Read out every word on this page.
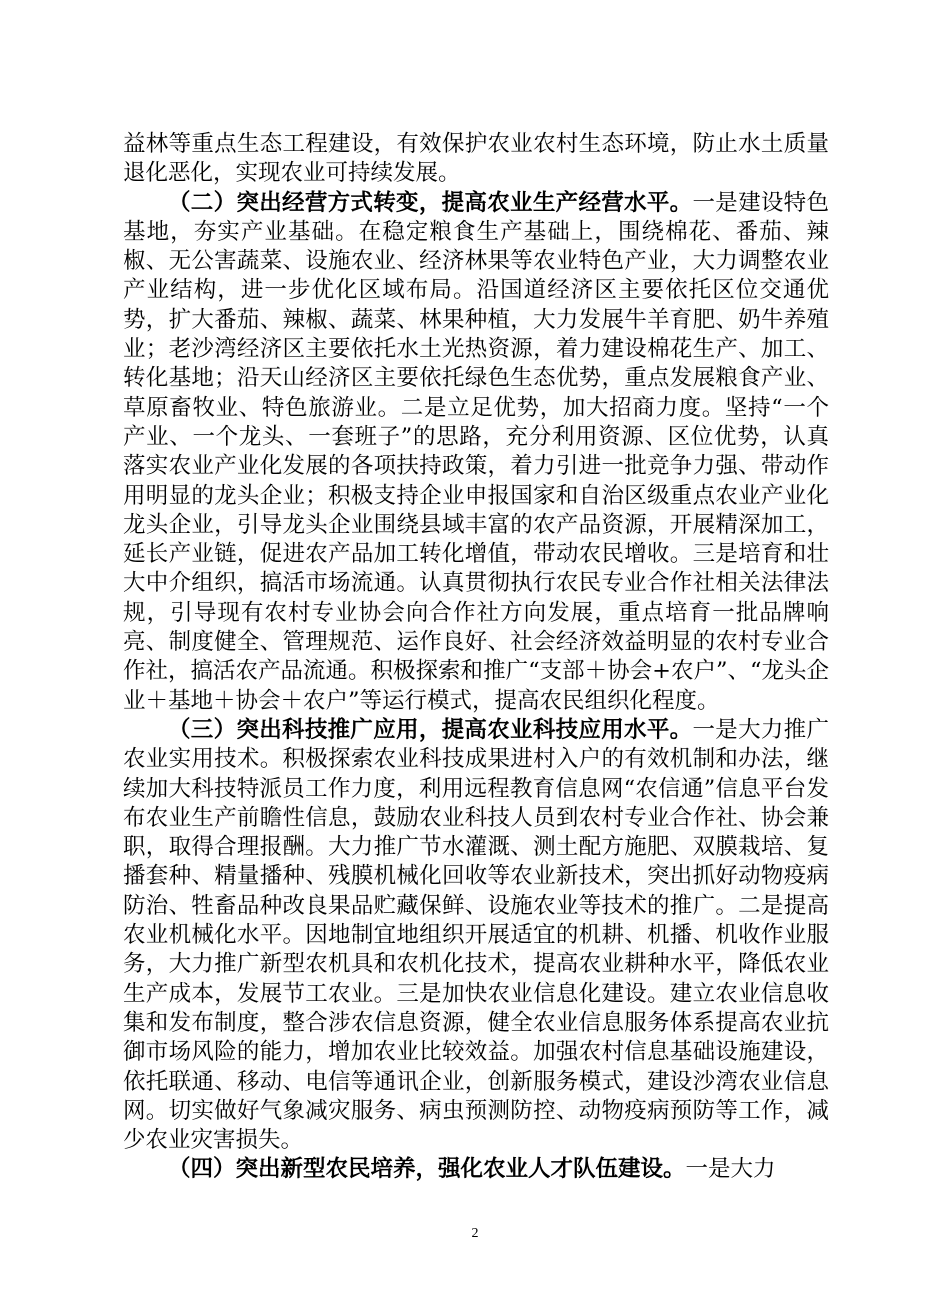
益林等重点生态工程建设，有效保护农业农村生态环境，防止水土质量退化恶化，实现农业可持续发展。

（二）突出经营方式转变，提高农业生产经营水平。一是建设特色基地，夯实产业基础。在稳定粮食生产基础上，围绕棉花、番茄、辣椒、无公害蔬菜、设施农业、经济林果等农业特色产业，大力调整农业产业结构，进一步优化区域布局。沿国道经济区主要依托区位交通优势，扩大番茄、辣椒、蔬菜、林果种植，大力发展牛羊育肥、奶牛养殖业；老沙湾经济区主要依托水土光热资源，着力建设棉花生产、加工、转化基地；沿天山经济区主要依托绿色生态优势，重点发展粮食产业、草原畜牧业、特色旅游业。二是立足优势，加大招商力度。坚持“一个产业、一个龙头、一套班子”的思路，充分利用资源、区位优势，认真落实农业产业化发展的各项扶持政策，着力引进一批竞争力强、带动作用明显的龙头企业；积极支持企业申报国家和自治区级重点农业产业化龙头企业，引导龙头企业围绕县域丰富的农产品资源，开展精深加工，延长产业链，促进农产品加工转化增值，带动农民增收。三是培育和壮大中介组织，搞活市场流通。认真贯彻执行农民专业合作社相关法律法规，引导现有农村专业协会向合作社方向发展，重点培育一批品牌响亮、制度健全、管理规范、运作良好、社会经济效益明显的农村专业合作社，搞活农产品流通。积极探索和推广“支部＋协会+农户”、“龙头企业＋基地＋协会＋农户”等运行模式，提高农民组织化程度。

（三）突出科技推广应用，提高农业科技应用水平。一是大力推广农业实用技术。积极探索农业科技成果进村入户的有效机制和办法，继续加大科技特派员工作力度，利用远程教育信息网“农信通”信息平台发布农业生产前瞻性信息，鼓励农业科技人员到农村专业合作社、协会兼职，取得合理报酬。大力推广节水灌溉、测土配方施肥、双膜栽培、复播套种、精量播种、残膜机械化回收等农业新技术，突出抓好动物疫病防治、牲畜品种改良果品贮藏保鲜、设施农业等技术的推广。二是提高农业机械化水平。因地制宜地组织开展适宜的机耕、机播、机收作业服务，大力推广新型农机具和农机化技术，提高农业耕种水平，降低农业生产成本，发展节工农业。三是加快农业信息化建设。建立农业信息收集和发布制度，整合涉农信息资源，健全农业信息服务体系提高农业抗御市场风险的能力，增加农业比较效益。加强农村信息基础设施建设，依托联通、移动、电信等通讯企业，创新服务模式，建设沙湾农业信息网。切实做好气象减灾服务、病虫预测防控、动物疫病预防等工作，减少农业灾害损失。

（四）突出新型农民培养，强化农业人才队伍建设。一是大力

2
